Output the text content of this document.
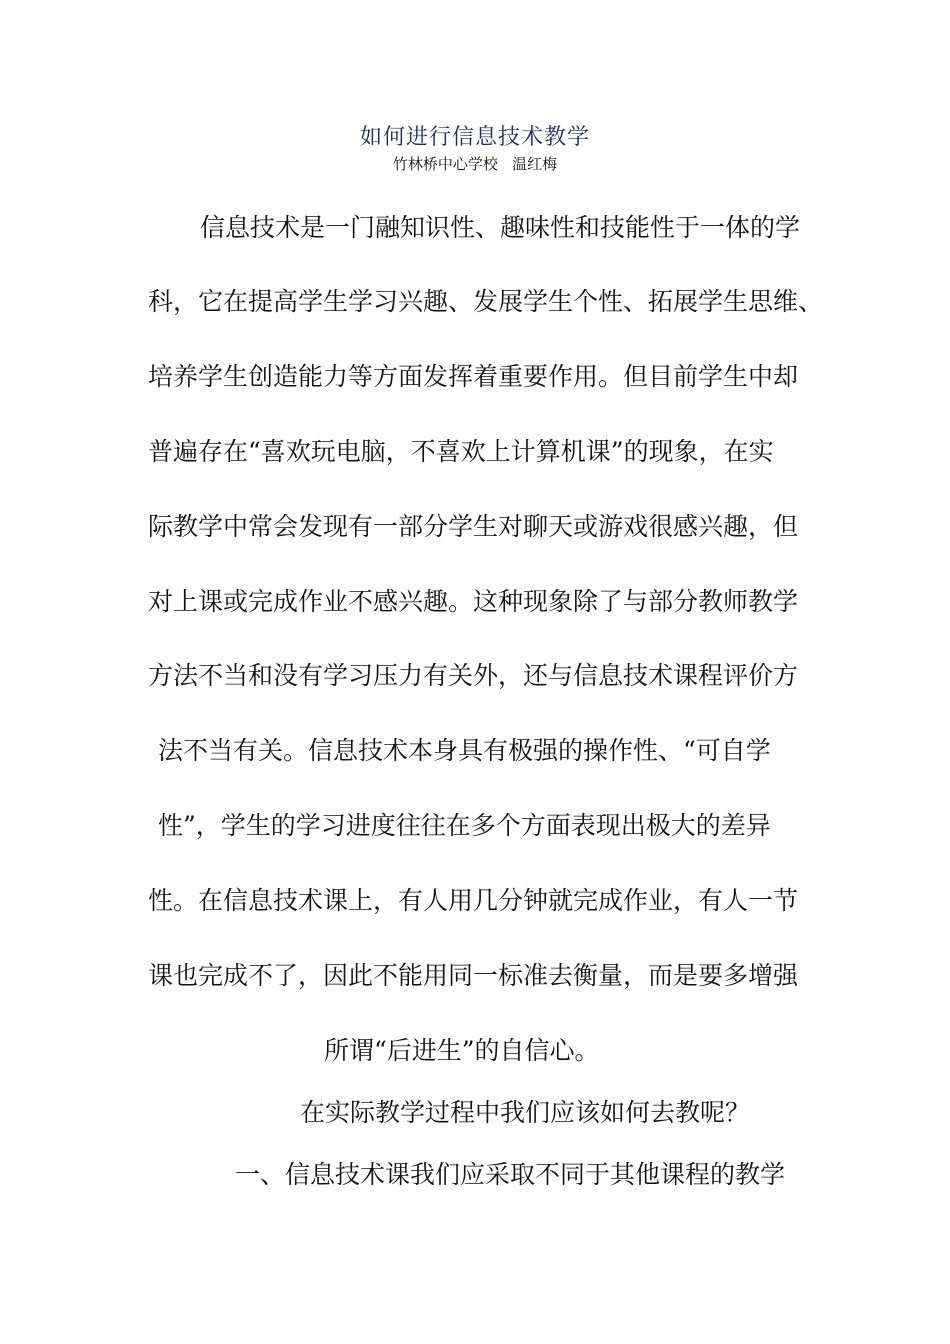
如何进行信息技术教学
竹林桥中心学校   温红梅
信息技术是一门融知识性、趣味性和技能性于一体的学
科，它在提高学生学习兴趣、发展学生个性、拓展学生思维、
培养学生创造能力等方面发挥着重要作用。但目前学生中却
普遍存在“喜欢玩电脑，不喜欢上计算机课”的现象，在实
际教学中常会发现有一部分学生对聊天或游戏很感兴趣，但
对上课或完成作业不感兴趣。这种现象除了与部分教师教学
方法不当和没有学习压力有关外，还与信息技术课程评价方
法不当有关。信息技术本身具有极强的操作性、“可自学
性”，学生的学习进度往往在多个方面表现出极大的差异
性。在信息技术课上，有人用几分钟就完成作业，有人一节
课也完成不了，因此不能用同一标准去衡量，而是要多增强
所谓“后进生”的自信心。
在实际教学过程中我们应该如何去教呢？
一、信息技术课我们应采取不同于其他课程的教学
